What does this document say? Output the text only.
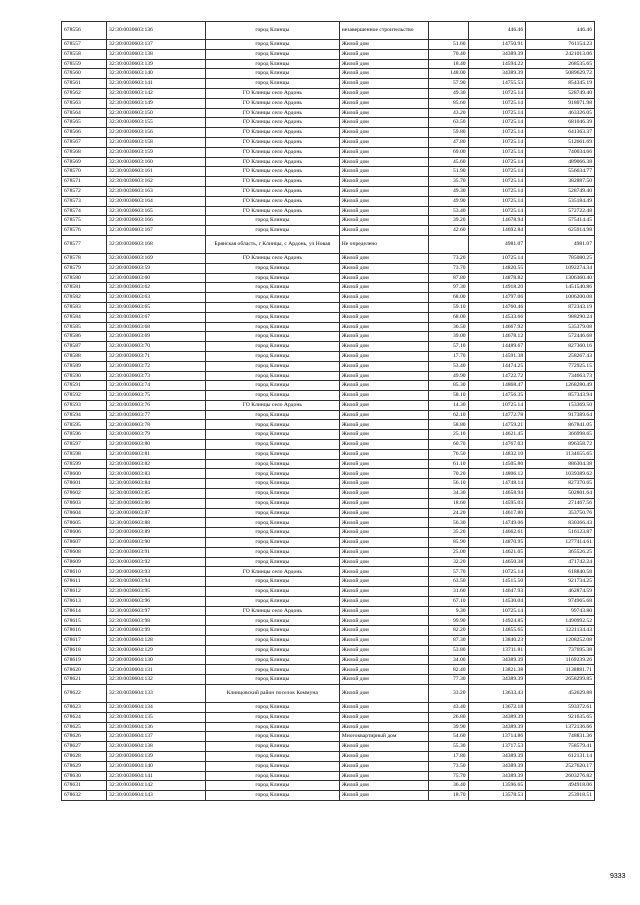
678556	32:30:0030603:136	город Клинцы	незавершенное строительство		446.46	446.46
678557	32:30:0030603:137	город Клинцы	Жилой дом	51.60	14750.91	761154.23
678558	32:30:0030603:138	город Клинцы	Жилой дом	70.40	34389.39	2421013.06
678559	32:30:0030603:139	город Клинцы	Жилой дом	18.40	14594.22	268535.65
678560	32:30:0030603:140	город Клинцы	Жилой дом	148.00	34389.39	5089629.72
678561	32:30:0030603:141	город Клинцы	Жилой дом	57.90	14755.53	854345.19
678562	32:30:0030603:142	ГО Клинцы село Ардонь	Жилой дом	49.30	10725.14	528749.40
678563	32:30:0030603:149	ГО Клинцы село Ардонь	Жилой дом	85.60	10725.14	918071.98
678564	32:30:0030603:150	ГО Клинцы село Ардонь	Жилой дом	43.20	10725.14	463326.05
678565	32:30:0030603:155	ГО Клинцы село Ардонь	Жилой дом	63.50	10725.14	681046.39
678566	32:30:0030603:156	ГО Клинцы село Ардонь	Жилой дом	59.80	10725.14	641363.37
678567	32:30:0030603:158	ГО Клинцы село Ардонь	Жилой дом	47.80	10725.14	512661.69
678568	32:30:0030603:159	ГО Клинцы село Ардонь	Жилой дом	69.00	10725.14	740034.66
678569	32:30:0030603:160	ГО Клинцы село Ардонь	Жилой дом	45.60	10725.14	489066.38
678570	32:30:0030603:161	ГО Клинцы село Ардонь	Жилой дом	51.90	10725.14	556634.77
678571	32:30:0030603:162	ГО Клинцы село Ардонь	Жилой дом	35.70	10725.14	382887.50
678572	32:30:0030603:163	ГО Клинцы село Ардонь	Жилой дом	49.30	10725.14	528749.40
678573	32:30:0030603:164	ГО Клинцы село Ардонь	Жилой дом	49.90	10725.14	535184.49
678574	32:30:0030603:165	ГО Клинцы село Ардонь	Жилой дом	53.40	10725.14	572722.48
678575	32:30:0030603:166	город Клинцы	Жилой дом	39.20	14678.94	575414.45
678576	32:30:0030603:167	город Клинцы	Жилой дом	42.60	14692.84	625914.98
678577	32:30:0030603:168	Брянская область, г Клинцы, с Ардонь, ул Новая	Не определено		4981.07	4981.07
678578	32:30:0030603:169	ГО Клинцы село Ардонь	Жилой дом	73.20	10725.14	785080.25
678579	32:30:0030603:59	город Клинцы	Жилой дом	73.70	14820.55	1092274.34
678580	32:30:0030603:60	город Клинцы	Жилой дом	87.80	14878.82	1306360.40
678581	32:30:0030603:62	город Клинцы	Жилой дом	97.30	14918.20	1451540.86
678582	32:30:0030603:63	город Клинцы	Жилой дом	68.00	14797.06	1006200.08
678583	32:30:0030603:65	город Клинцы	Жилой дом	59.10	14760.46	872343.19
678584	32:30:0030603:67	город Клинцы	Жилой дом	68.00	14533.66	988290.24
678585	32:30:0030603:68	город Клинцы	Жилой дом	36.50	14667.92	535379.08
678586	32:30:0030603:69	город Клинцы	Жилой дом	39.00	14678.12	572446.68
678587	32:30:0030603:70	город Клинцы	Жилой дом	57.10	14489.67	827360.16
678588	32:30:0030603:71	город Клинцы	Жилой дом	17.70	14591.38	258267.43
678589	32:30:0030603:72	город Клинцы	Жилой дом	53.40	14474.25	772925.15
678590	32:30:0030603:73	город Клинцы	Жилой дом	49.90	14722.72	734663.73
678591	32:30:0030603:74	город Клинцы	Жилой дом	85.30	14868.47	1268280.49
678592	32:30:0030603:75	город Клинцы	Жилой дом	58.10	14756.35	857343.94
678593	32:30:0030603:76	ГО Клинцы село Ардонь	Жилой дом	14.30	10725.14	153369.50
678594	32:30:0030603:77	город Клинцы	Жилой дом	62.10	14772.78	917389.64
678595	32:30:0030603:78	город Клинцы	Жилой дом	58.80	14759.21	867841.05
678596	32:30:0030603:79	город Клинцы	Жилой дом	25.10	14621.45	366998.65
678597	32:30:0030603:80	город Клинцы	Жилой дом	60.70	14767.03	896358.72
678598	32:30:0030603:81	город Клинцы	Жилой дом	76.50	14832.10	1134655.65
678599	32:30:0030603:82	город Клинцы	Жилой дом	61.10	14505.80	886304.38
678600	32:30:0030603:83	город Клинцы	Жилой дом	70.20	14806.12	1039389.62
678601	32:30:0030603:84	город Клинцы	Жилой дом	56.10	14748.14	827370.65
678602	32:30:0030603:85	город Клинцы	Жилой дом	34.30	14658.94	502801.64
678603	32:30:0030603:86	город Клинцы	Жилой дом	18.60	14595.03	271467.56
678604	32:30:0030603:87	город Клинцы	Жилой дом	24.20	14617.80	353750.76
678605	32:30:0030603:88	город Клинцы	Жилой дом	56.30	14749.06	830366.43
678606	32:30:0030603:89	город Клинцы	Жилой дом	35.20	14662.61	516123.87
678607	32:30:0030603:90	город Клинцы	Жилой дом	85.90	14870.95	1277414.61
678608	32:30:0030603:91	город Клинцы	Жилой дом	25.00	14621.05	365526.25
678609	32:30:0030603:92	город Клинцы	Жилой дом	32.20	14650.38	471742.24
678610	32:30:0030603:93	ГО Клинцы село Ардонь	Жилой дом	57.70	10725.14	618840.58
678611	32:30:0030603:94	город Клинцы	Жилой дом	63.50	14515.50	921734.25
678612	32:30:0030603:95	город Клинцы	Жилой дом	31.60	14647.93	462874.59
678613	32:30:0030603:96	город Клинцы	Жилой дом	67.10	14530.04	974965.68
678614	32:30:0030603:97	ГО Клинцы село Ардонь	Жилой дом	9.30	10725.14	99743.80
678615	32:30:0030603:98	город Клинцы	Жилой дом	99.90	14924.85	1490992.52
678616	32:30:0030603:99	город Клинцы	Жилой дом	82.20	14855.65	1221134.43
678617	32:30:0030604:128	город Клинцы	Жилой дом	87.30	13840.23	1208252.08
678618	32:30:0030604:129	город Клинцы	Жилой дом	53.80	13711.81	737695.38
678619	32:30:0030604:130	город Клинцы	Жилой дом	34.00	34389.39	1169239.26
678620	32:30:0030604:131	город Клинцы	Жилой дом	82.40	13821.38	1138881.71
678621	32:30:0030604:132	город Клинцы	Жилой дом	77.30	34389.39	2658299.85
678622	32:30:0030604:133	Клинцовский район поселок Коммуна	Жилой дом	33.20	13633.43	452629.88
678623	32:30:0030604:134	город Клинцы	Жилой дом	43.40	13672.18	593372.61
678624	32:30:0030604:135	город Клинцы	Жилой дом	26.80	34389.39	921635.65
678625	32:30:0030604:136	город Клинцы	Жилой дом	39.90	34389.39	1372136.66
678626	32:30:0030604:137	город Клинцы	Многоквартирный дом	54.60	13714.86	748831.36
678627	32:30:0030604:138	город Клинцы	Жилой дом	55.30	13717.53	758579.41
678628	32:30:0030604:139	город Клинцы	Жилой дом	17.80	34389.39	612131.14
678629	32:30:0030604:140	город Клинцы	Жилой дом	73.50	34389.39	2527620.17
678630	32:30:0030604:141	город Клинцы	Жилой дом	75.70	34389.39	2603276.82
678631	32:30:0030604:142	город Клинцы	Жилой дом	36.40	13596.65	494918.06
678632	32:30:0030604:143	город Клинцы	Жилой дом	18.70	13578.53	253918.51
9333
